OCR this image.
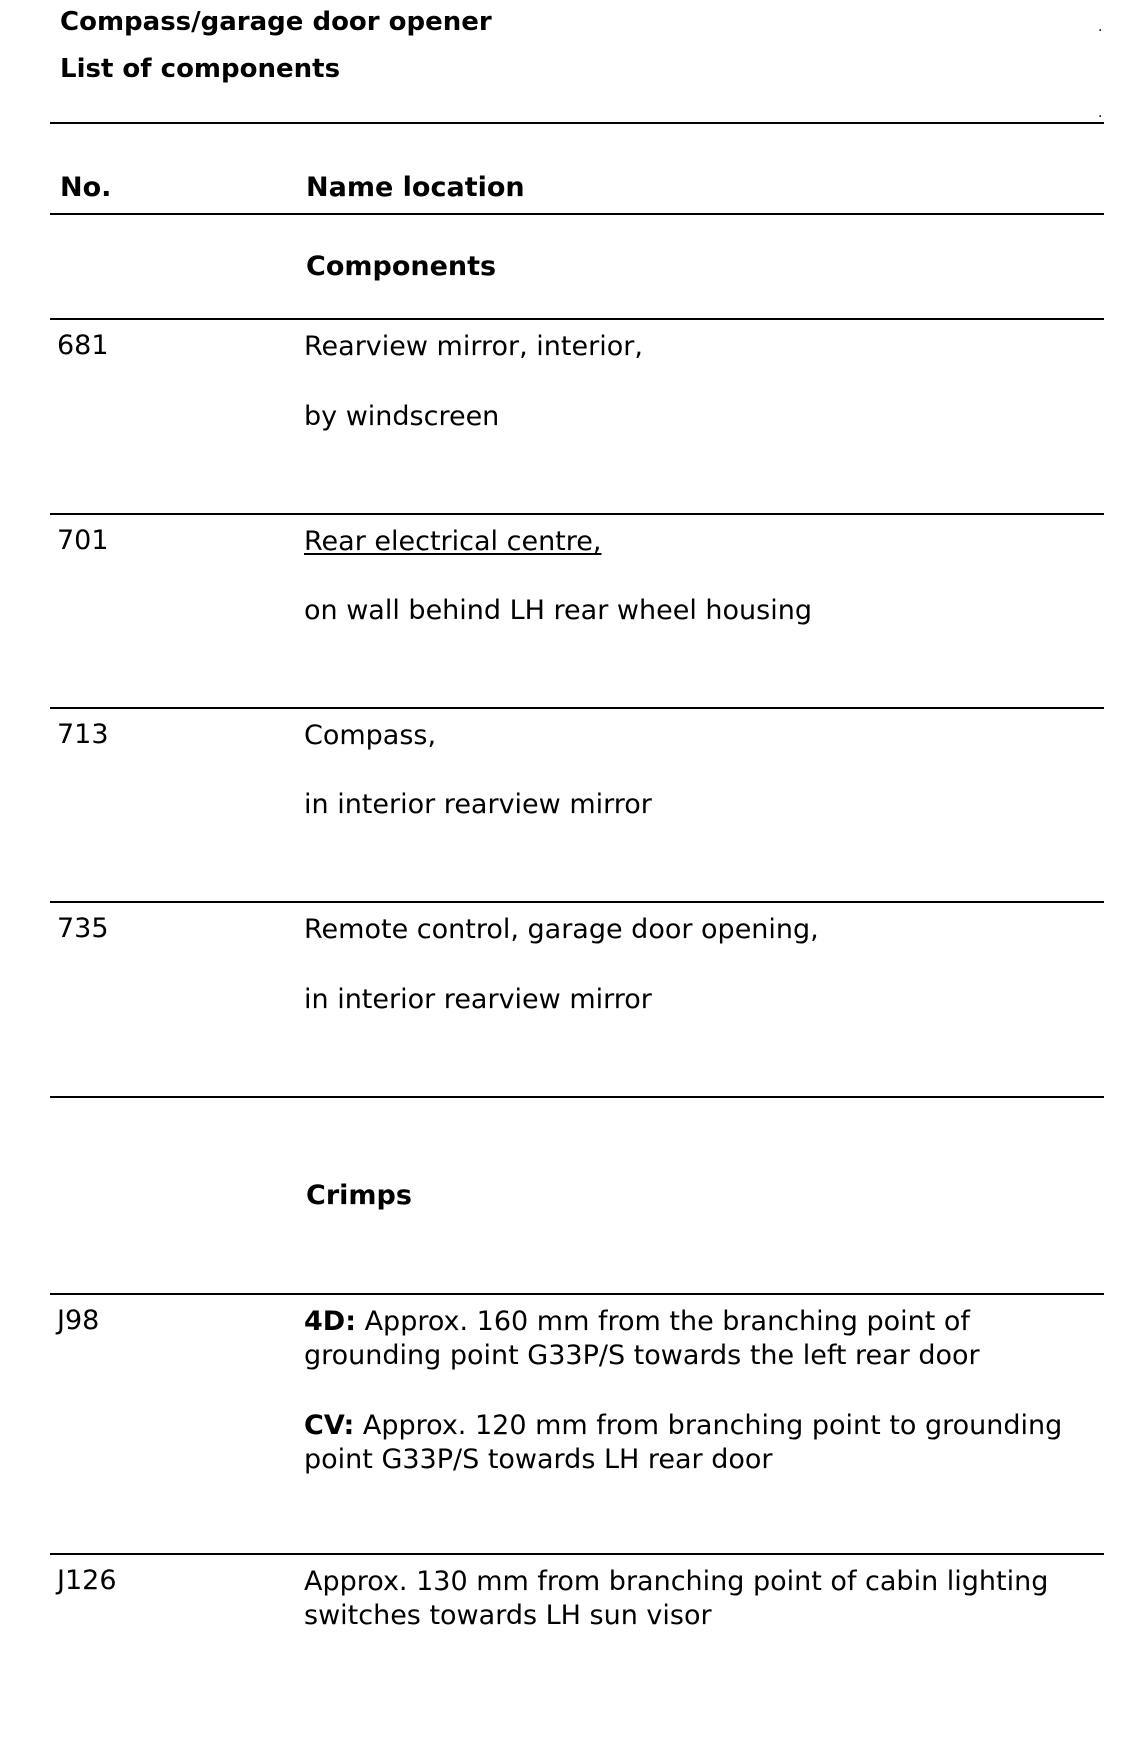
Compass/garage door opener
List of components
.
.
No.	Name location
Components
681	Rearview mirror, interior,
by windscreen
701	Rear electrical centre,
on wall behind LH rear wheel housing
713	Compass,
in interior rearview mirror
735	Remote control, garage door opening,
in interior rearview mirror
Crimps
J98	4D: Approx. 160 mm from the branching point of
grounding point G33P/S towards the left rear door
CV: Approx. 120 mm from branching point to grounding
point G33P/S towards LH rear door
J126	Approx. 130 mm from branching point of cabin lighting
switches towards LH sun visor
